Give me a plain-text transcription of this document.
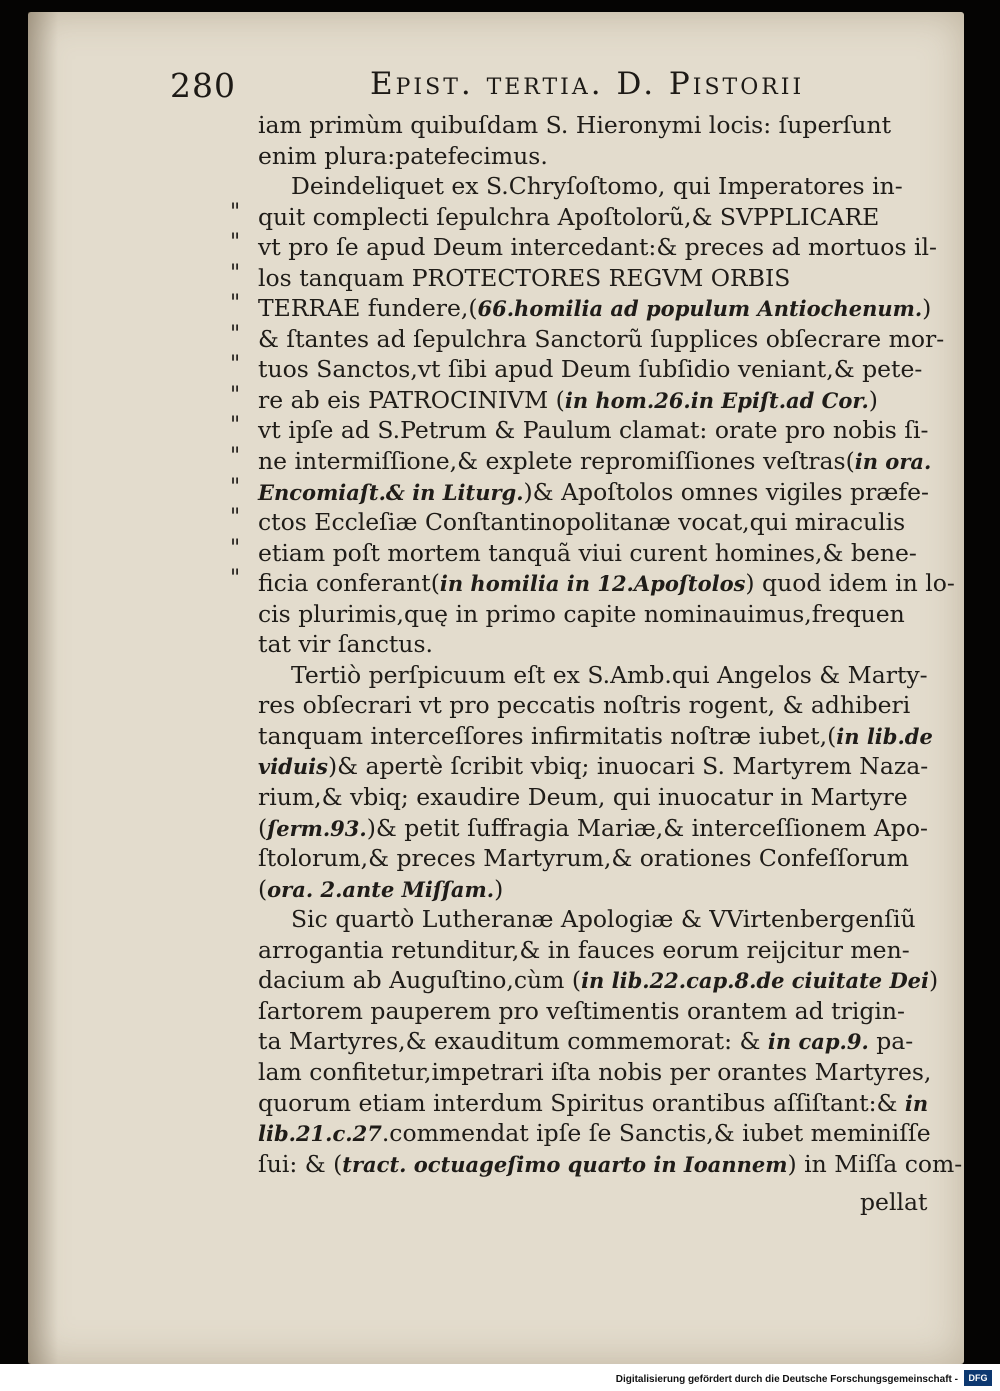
280	Epist. tertia. D. Pistorii
iam primùm quibuſdam S. Hieronymi locis: ſuperſunt
enim plura:patefecimus.
Deindeliquet ex S.Chryſoſtomo, qui Imperatores in-
" quit complecti ſepulchra Apoſtolorũ,& SVPPLICARE
" vt pro ſe apud Deum intercedant:& preces ad mortuos il-
" los tanquam PROTECTORES REGVM ORBIS
" TERRAE fundere,(66.homilia ad populum Antiochenum.)
" & ſtantes ad ſepulchra Sanctorũ ſupplices obſecrare mor-
" tuos Sanctos,vt ſibi apud Deum ſubſidio veniant,& pete-
" re ab eis PATROCINIVM (in hom.26.in Epiſt.ad Cor.)
" vt ipſe ad S.Petrum & Paulum clamat: orate pro nobis ſi-
" ne intermiſſione,& explete repromiſſiones veſtras(in ora.
" Encomiaſt.& in Liturg.)& Apoſtolos omnes vigiles præfe-
" ctos Eccleſiæ Conſtantinopolitanæ vocat,qui miraculis
" etiam poſt mortem tanquã viui curent homines,& bene-
" ficia conferant(in homilia in 12.Apoſtolos) quod idem in lo-
cis plurimis,quę in primo capite nominauimus,frequen
tat vir ſanctus.
Tertiò perſpicuum eſt ex S.Amb.qui Angelos & Marty-
res obſecrari vt pro peccatis noſtris rogent, & adhiberi
tanquam interceſſores infirmitatis noſtræ iubet,(in lib.de
viduis)& apertè ſcribit vbiq; inuocari S. Martyrem Naza-
rium,& vbiq; exaudire Deum, qui inuocatur in Martyre
(ſerm.93.)& petit ſuffragia Mariæ,& interceſſionem Apo-
ſtolorum,& preces Martyrum,& orationes Confeſſorum
(ora. 2.ante Miſſam.)
Sic quartò Lutheranæ Apologiæ & VVirtenbergenſiũ
arrogantia retunditur,& in fauces eorum reijcitur men-
dacium ab Auguſtino,cùm (in lib.22.cap.8.de ciuitate Dei)
ſartorem pauperem pro veſtimentis orantem ad trigin-
ta Martyres,& exauditum commemorat: & in cap.9. pa-
lam confitetur,impetrari iſta nobis per orantes Martyres,
quorum etiam interdum Spiritus orantibus aſſiſtant:& in
lib.21.c.27.commendat ipſe ſe Sanctis,& iubet meminiſſe
ſui: & (tract. octuageſimo quarto in Ioannem) in Miſſa com-
pellat
Digitalisierung gefördert durch die Deutsche Forschungsgemeinschaft -	DFG
